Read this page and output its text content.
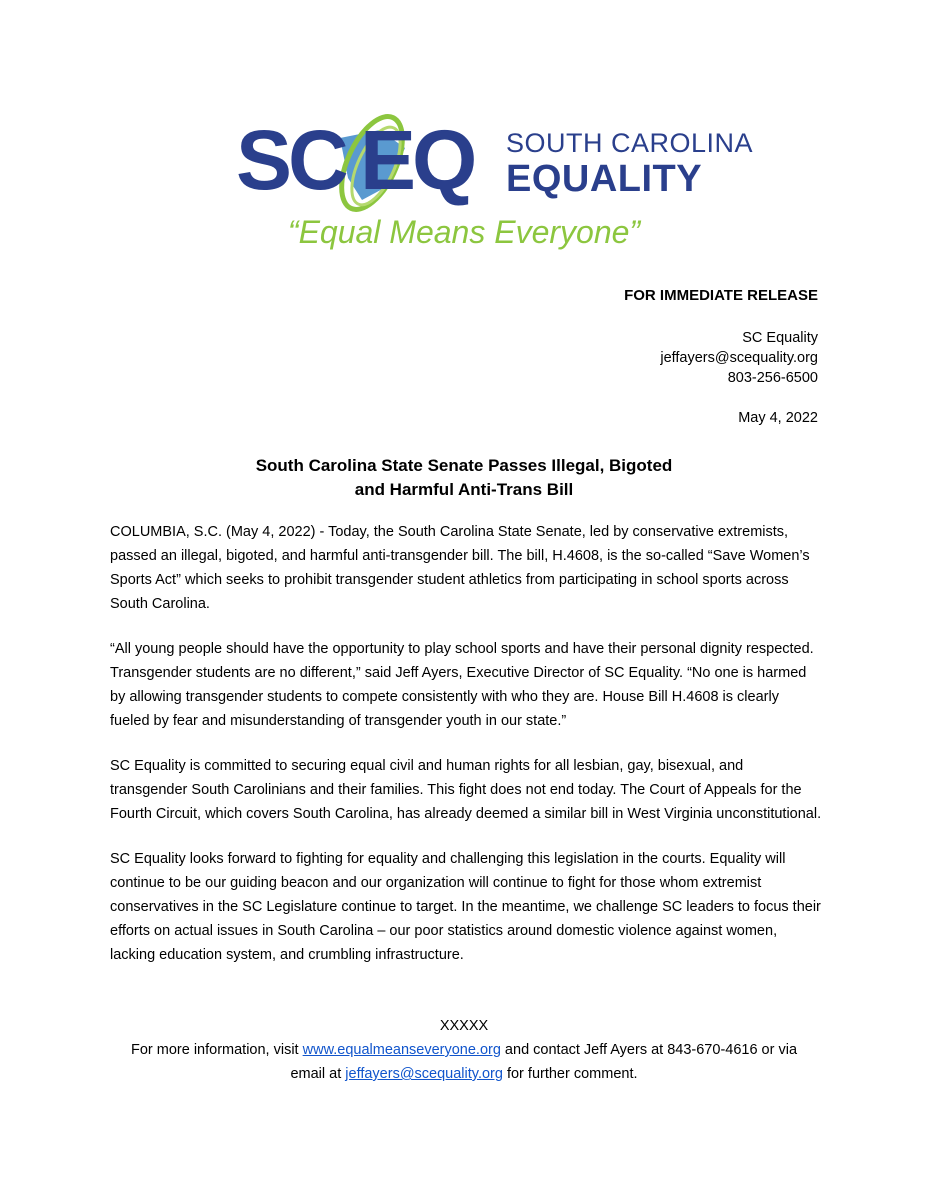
SC EQ SOUTH CAROLINA
EQUALITY
“Equal Means Everyone”
FOR IMMEDIATE RELEASE
SC Equality
jeffayers@scequality.org
803-256-6500
May 4, 2022
South Carolina State Senate Passes Illegal, Bigoted
and Harmful Anti-Trans Bill

COLUMBIA, S.C. (May 4, 2022) - Today, the South Carolina State Senate, led by conservative extremists, passed an illegal, bigoted, and harmful anti-transgender bill. The bill, H.4608, is the so-called “Save Women’s Sports Act” which seeks to prohibit transgender student athletics from participating in school sports across South Carolina.

“All young people should have the opportunity to play school sports and have their personal dignity respected. Transgender students are no different,” said Jeff Ayers, Executive Director of SC Equality. “No one is harmed by allowing transgender students to compete consistently with who they are. House Bill H.4608 is clearly fueled by fear and misunderstanding of transgender youth in our state.”

SC Equality is committed to securing equal civil and human rights for all lesbian, gay, bisexual, and transgender South Carolinians and their families. This fight does not end today. The Court of Appeals for the Fourth Circuit, which covers South Carolina, has already deemed a similar bill in West Virginia unconstitutional.

SC Equality looks forward to fighting for equality and challenging this legislation in the courts. Equality will continue to be our guiding beacon and our organization will continue to fight for those whom extremist conservatives in the SC Legislature continue to target. In the meantime, we challenge SC leaders to focus their efforts on actual issues in South Carolina – our poor statistics around domestic violence against women, lacking education system, and crumbling infrastructure.

XXXXX
For more information, visit www.equalmeanseveryone.org and contact Jeff Ayers at 843-670-4616 or via
email at jeffayers@scequality.org for further comment.
